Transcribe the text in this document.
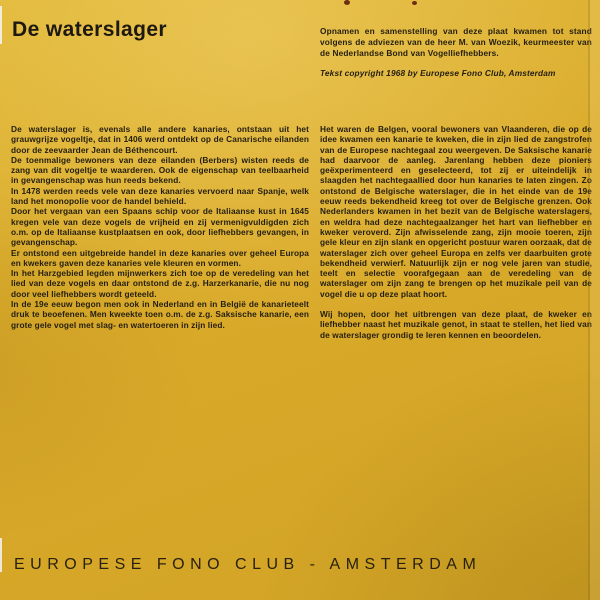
De waterslager	Opnamen en samenstelling van deze plaat kwamen tot stand volgens de adviezen van de heer M. van Woezik, keurmeester van de Nederlandse Bond van Vogelliefhebbers.

Tekst copyright 1968 by Europese Fono Club, Amsterdam

De waterslager is, evenals alle andere kanaries, ontstaan uit het grauwgrijze vogeltje, dat in 1406 werd ontdekt op de Canarische eilanden door de zeevaarder Jean de Béthencourt.

De toenmalige bewoners van deze eilanden (Berbers) wisten reeds de zang van dit vogeltje te waarderen. Ook de eigenschap van teelbaarheid in gevangenschap was hun reeds bekend.

In 1478 werden reeds vele van deze kanaries vervoerd naar Spanje, welk land het monopolie voor de handel behield.

Door het vergaan van een Spaans schip voor de Italiaanse kust in 1645 kregen vele van deze vogels de vrijheid en zij vermenigvuldigden zich o.m. op de Italiaanse kustplaatsen en ook, door liefhebbers gevangen, in gevangenschap.

Er ontstond een uitgebreide handel in deze kanaries over geheel Europa en kwekers gaven deze kanaries vele kleuren en vormen.

In het Harzgebied legden mijnwerkers zich toe op de veredeling van het lied van deze vogels en daar ontstond de z.g. Harzerkanarie, die nu nog door veel liefhebbers wordt geteeld.

In de 19e eeuw begon men ook in Nederland en in België de kanarieteelt druk te beoefenen. Men kweekte toen o.m. de z.g. Saksische kanarie, een grote gele vogel met slag- en watertoeren in zijn lied.

Het waren de Belgen, vooral bewoners van Vlaanderen, die op de idee kwamen een kanarie te kweken, die in zijn lied de zangstrofen van de Europese nachtegaal zou weergeven. De Saksische kanarie had daarvoor de aanleg. Jarenlang hebben deze pioniers geëxperimenteerd en geselecteerd, tot zij er uiteindelijk in slaagden het nachtegaallied door hun kanaries te laten zingen. Zo ontstond de Belgische waterslager, die in het einde van de 19e eeuw reeds bekendheid kreeg tot over de Belgische grenzen. Ook Nederlanders kwamen in het bezit van de Belgische waterslagers, en weldra had deze nachtegaalzanger het hart van liefhebber en kweker veroverd. Zijn afwisselende zang, zijn mooie toeren, zijn gele kleur en zijn slank en opgericht postuur waren oorzaak, dat de waterslager zich over geheel Europa en zelfs ver daarbuiten grote bekendheid verwierf. Natuurlijk zijn er nog vele jaren van studie, teelt en selectie voorafgegaan aan de veredeling van de waterslager om zijn zang te brengen op het muzikale peil van de vogel die u op deze plaat hoort.

Wij hopen, door het uitbrengen van deze plaat, de kweker en liefhebber naast het muzikale genot, in staat te stellen, het lied van de waterslager grondig te leren kennen en beoordelen.

EUROPESE FONO CLUB - AMSTERDAM
